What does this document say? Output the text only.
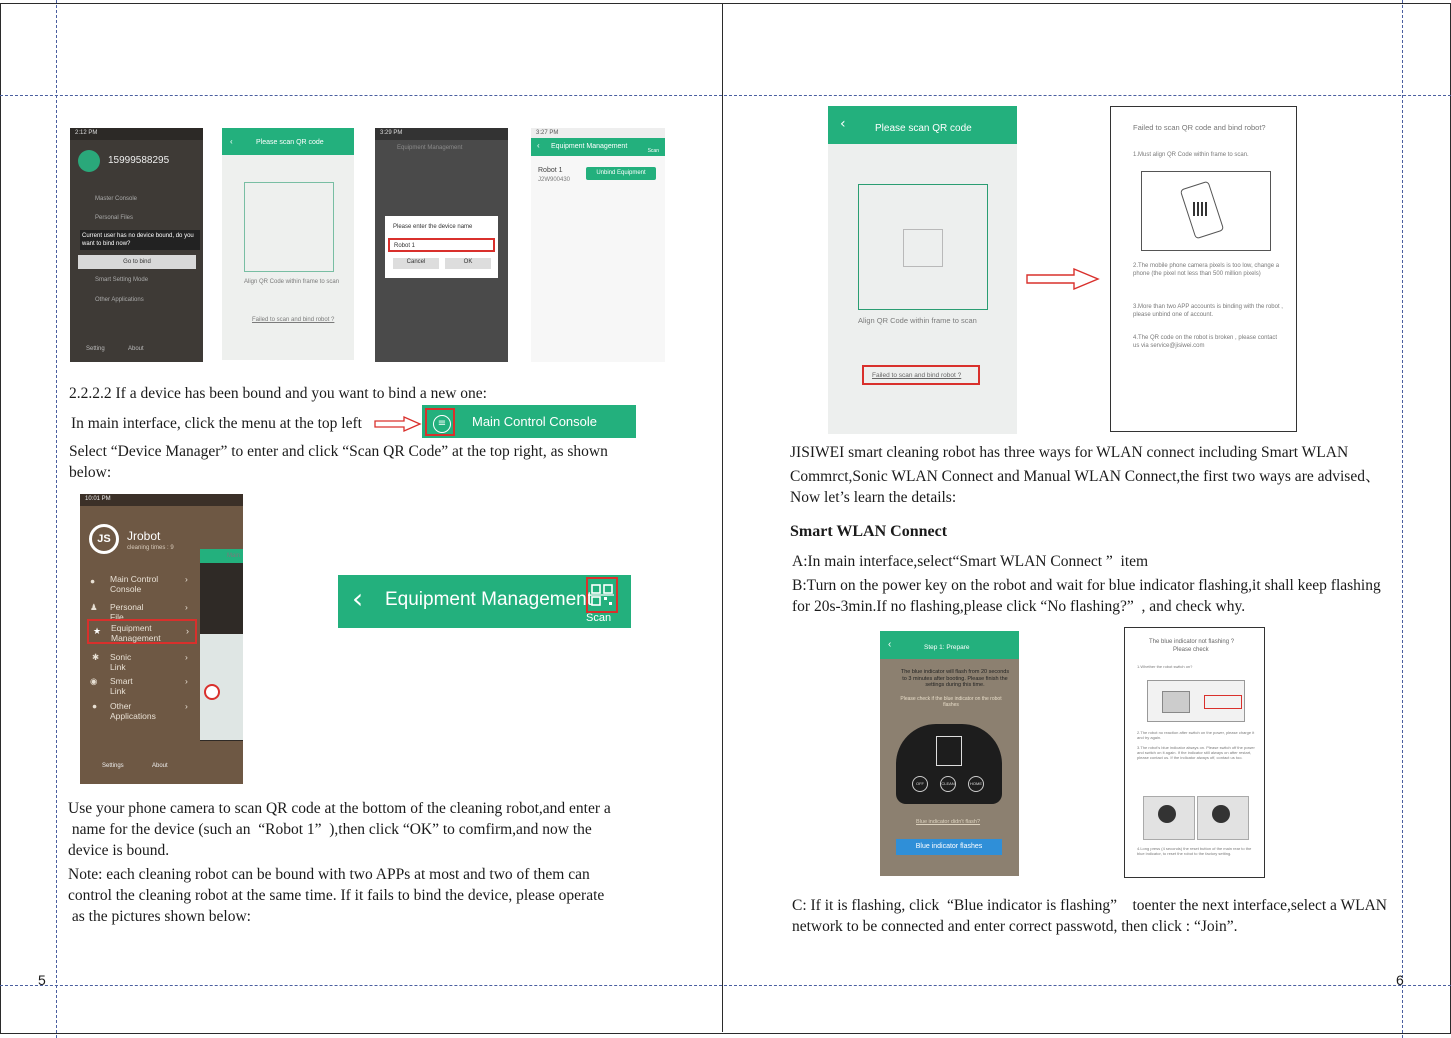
5	6
2:12 PM
15999588295
Master Console
Personal Files
Current user has no device bound, do you want to bind now?
Go to bind
Smart Setting Mode
Other Applications
Setting	About
‹	Please scan QR code
Align QR Code within frame to scan
Failed to scan and bind robot ?
3:29 PM
Equipment Management
Please enter the device name
Robot 1
Cancel	OK
3:27 PM
‹ Equipment Management
Scan
Robot 1
J2W900430
Unbind Equipment
2.2.2.2 If a device has been bound and you want to bind a new one:
In main interface, click the menu at the top left	≡	Main Control Console
Select “Device Manager” to enter and click “Scan QR Code” at the top right, as shown
below:
10:01 PM
JS	Jrobot
cleaning times : 9
Main
● Main Control Console
›
♟ Personal File
›
★ Equipment Management
›
✱ Sonic Link
›
◉ Smart Link
›
● Other Applications
›
Settings	About
‹ Equipment Management
Scan
Use your phone camera to scan QR code at the bottom of the cleaning robot,and enter a
name for the device (such an  “Robot 1”  ),then click “OK” to comfirm,and now the
device is bound.
Note: each cleaning robot can be bound with two APPs at most and two of them can
control the cleaning robot at the same time. If it fails to bind the device, please operate
as the pictures shown below:
‹	Please scan QR code
Align QR Code within frame to scan
Failed to scan and bind robot ?
Failed to scan QR code and bind robot?
1.Must align QR Code within frame to scan.
2.The mobile phone camera pixels is too low, change a phone (the pixel not less than 500 million pixels)
3.More than two APP accounts is binding with the robot , please unbind one of account.
4.The QR code on the robot is broken , please contact us via service@jisiwei.com
JISIWEI smart cleaning robot has three ways for WLAN connect including Smart WLAN
Commrct,Sonic WLAN Connect and Manual WLAN Connect,the first two ways are advised、
Now let’s learn the details:
Smart WLAN Connect
A:In main interface,select“Smart WLAN Connect ”  item
B:Turn on the power key on the robot and wait for blue indicator flashing,it shall keep flashing
for 20s-3min.If no flashing,please click “No flashing?”  , and check why.
‹	Step 1: Prepare
The blue indicator will flash from 20 seconds to 3 minutes after booting. Please finish the settings during this time.
Please check if the blue indicator on the robot flashes
OFF	CLEAN	HOME
Blue indicator didn't flash?
Blue indicator flashes
The blue indicator not flashing ?
Please check
1.Whether the robot switch on?
2.The robot no reaction after switch on the power, please charge it and try again.
3.The robot's blue indicator always on. Please switch off the power and switch on it again. If the indicator still always on after restart, please contact us. If the indicator always off, contact us too.
4.Long press (4 seconds) the reset button of the main rear to the blue indicator, to reset the robot to the factory setting.
C: If it is flashing, click  “Blue indicator is flashing”    toenter the next interface,select a WLAN
network to be connected and enter correct passwotd, then click : “Join”.
